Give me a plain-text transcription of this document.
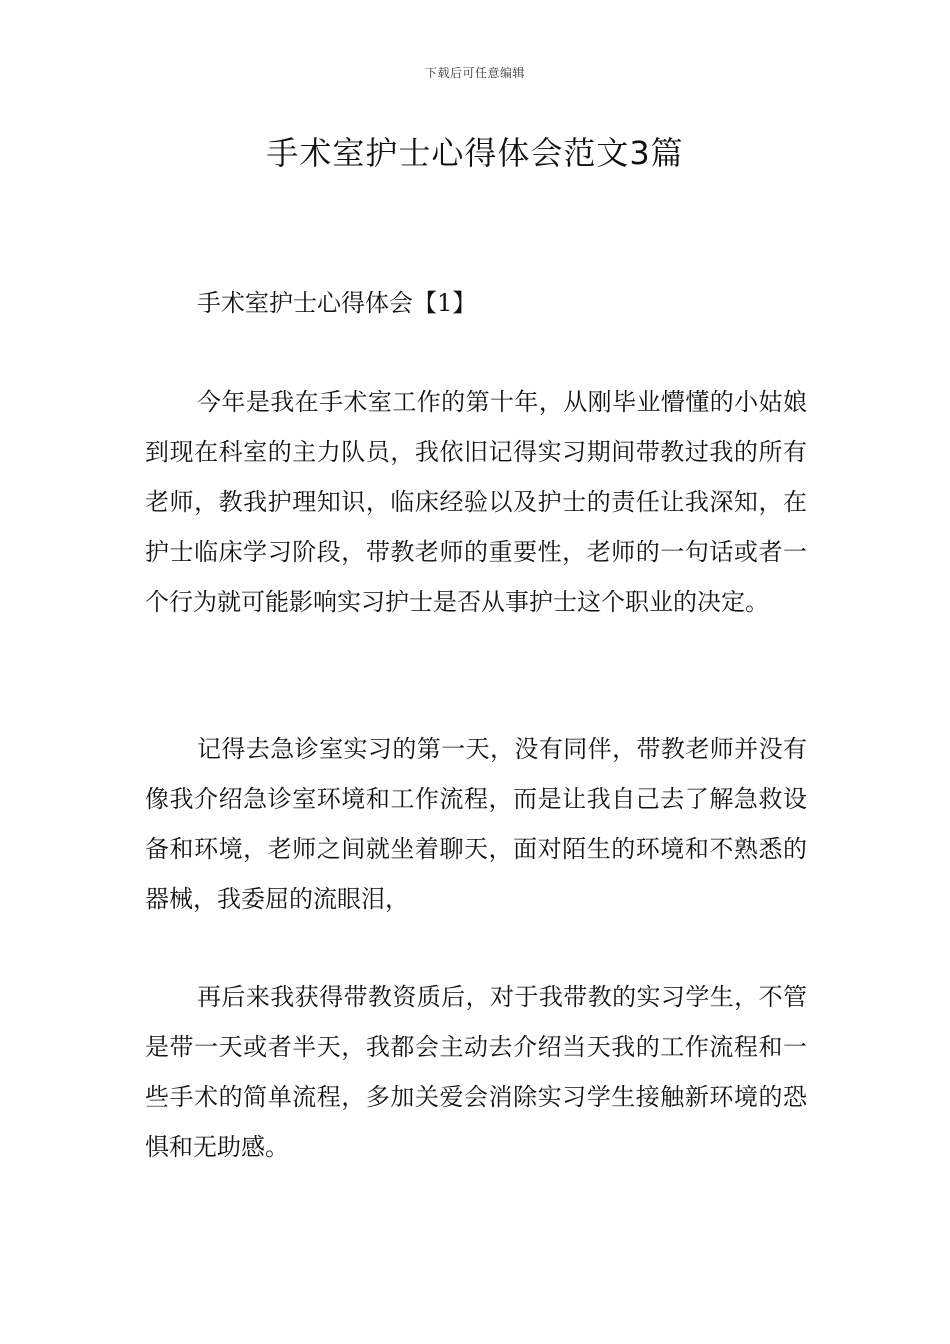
下载后可任意编辑
手术室护士心得体会范文3篇
手术室护士心得体会【1】

今年是我在手术室工作的第十年，从刚毕业懵懂的小姑娘到现在科室的主力队员，我依旧记得实习期间带教过我的所有老师，教我护理知识，临床经验以及护士的责任让我深知，在护士临床学习阶段，带教老师的重要性，老师的一句话或者一个行为就可能影响实习护士是否从事护士这个职业的决定。

记得去急诊室实习的第一天，没有同伴，带教老师并没有像我介绍急诊室环境和工作流程，而是让我自己去了解急救设备和环境，老师之间就坐着聊天，面对陌生的环境和不熟悉的器械，我委屈的流眼泪，

再后来我获得带教资质后，对于我带教的实习学生，不管是带一天或者半天，我都会主动去介绍当天我的工作流程和一些手术的简单流程，多加关爱会消除实习学生接触新环境的恐惧和无助感。
